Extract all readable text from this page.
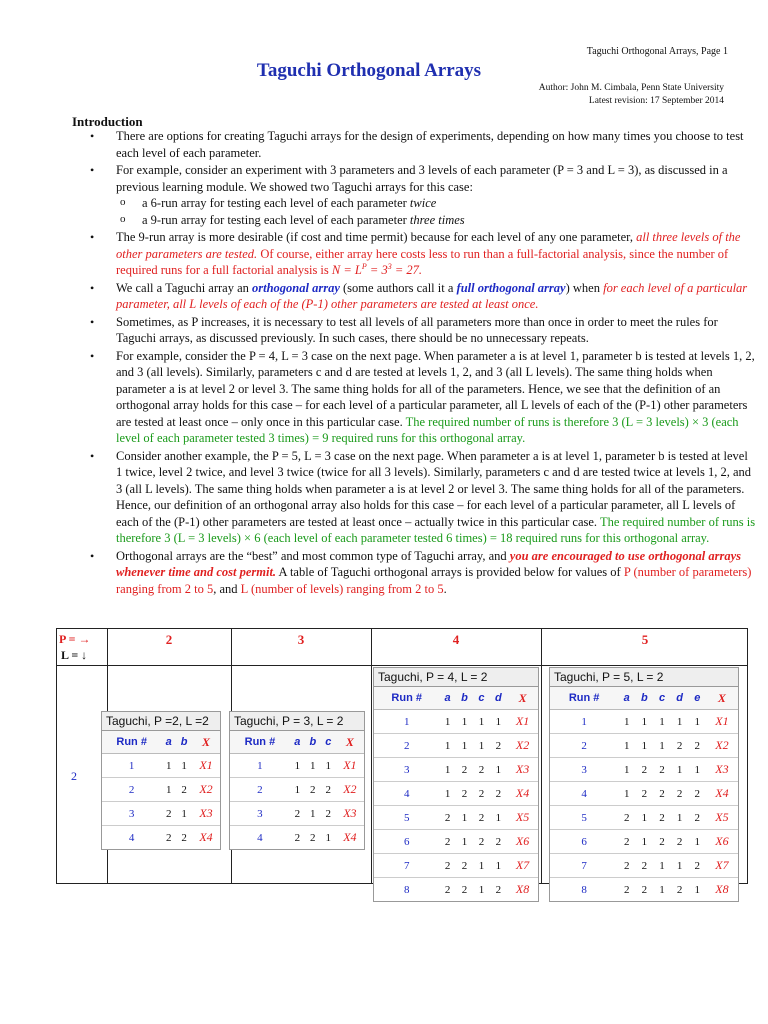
Taguchi Orthogonal Arrays, Page 1
Taguchi Orthogonal Arrays
Author: John M. Cimbala, Penn State University
Latest revision: 17 September 2014
Introduction
• There are options for creating Taguchi arrays for the design of experiments, depending on how many times you choose to test each level of each parameter.
• For example, consider an experiment with 3 parameters and 3 levels of each parameter (P = 3 and L = 3), as discussed in a previous learning module. We showed two Taguchi arrays for this case:
o a 6-run array for testing each level of each parameter twice
o a 9-run array for testing each level of each parameter three times
• The 9-run array is more desirable (if cost and time permit) because for each level of any one parameter, all three levels of the other parameters are tested. Of course, either array here costs less to run than a full-factorial analysis, since the number of required runs for a full factorial analysis is $N = L^P = 3^3 = 27$.
• We call a Taguchi array an orthogonal array (some authors call it a full orthogonal array) when for each level of a particular parameter, all L levels of each of the (P-1) other parameters are tested at least once.
• Sometimes, as P increases, it is necessary to test all levels of all parameters more than once in order to meet the rules for Taguchi arrays, as discussed previously. In such cases, there should be no unnecessary repeats.
• For example, consider the P = 4, L = 3 case on the next page. When parameter a is at level 1, parameter b is tested at levels 1, 2, and 3 (all levels). Similarly, parameters c and d are tested at levels 1, 2, and 3 (all L levels). The same thing holds when parameter a is at level 2 or level 3. The same thing holds for all of the parameters. Hence, we see that the definition of an orthogonal array holds for this case – for each level of a particular parameter, all L levels of each of the (P-1) other parameters are tested at least once – only once in this particular case. The required number of runs is therefore 3 (L = 3 levels) × 3 (each level of each parameter tested 3 times) = 9 required runs for this orthogonal array.
• Consider another example, the P = 5, L = 3 case on the next page. When parameter a is at level 1, parameter b is tested at level 1 twice, level 2 twice, and level 3 twice (twice for all 3 levels). Similarly, parameters c and d are tested twice at levels 1, 2, and 3 (all L levels). The same thing holds when parameter a is at level 2 or level 3. The same thing holds for all of the parameters. Hence, our definition of an orthogonal array also holds for this case – for each level of a particular parameter, all L levels of each of the (P-1) other parameters are tested at least once – actually twice in this particular case. The required number of runs is therefore 3 (L = 3 levels) × 6 (each level of each parameter tested 6 times) = 18 required runs for this orthogonal array.
• Orthogonal arrays are the “best” and most common type of Taguchi array, and you are encouraged to use orthogonal arrays whenever time and cost permit. A table of Taguchi orthogonal arrays is provided below for values of P (number of parameters) ranging from 2 to 5, and L (number of levels) ranging from 2 to 5.
P = →
L = ↓
2	3	4	5
2
Taguchi, P =2, L =2
Run #	a	b	X
1	1	1	X1
2	1	2	X2
3	2	1	X3
4	2	2	X4
Taguchi, P = 3, L = 2
Run #	a	b	c	X
1	1	1	1	X1
2	1	2	2	X2
3	2	1	2	X3
4	2	2	1	X4
Taguchi, P = 4, L = 2
Run #	a	b	c	d	X
1	1	1	1	1	X1
2	1	1	1	2	X2
3	1	2	2	1	X3
4	1	2	2	2	X4
5	2	1	2	1	X5
6	2	1	2	2	X6
7	2	2	1	1	X7
8	2	2	1	2	X8
Taguchi, P = 5, L = 2
Run #	a	b	c	d	e	X
1	1	1	1	1	1	X1
2	1	1	1	2	2	X2
3	1	2	2	1	1	X3
4	1	2	2	2	2	X4
5	2	1	2	1	2	X5
6	2	1	2	2	1	X6
7	2	2	1	1	2	X7
8	2	2	1	2	1	X8
